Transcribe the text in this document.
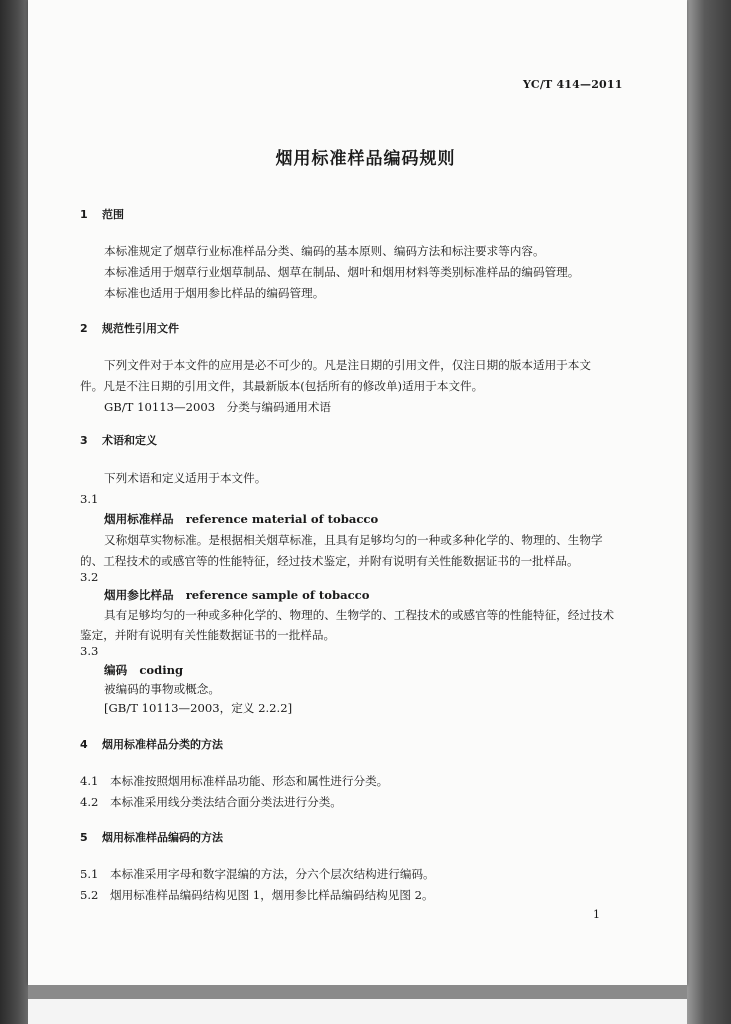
YC/T 414—2011
烟用标准样品编码规则
1 范围
本标准规定了烟草行业标准样品分类、编码的基本原则、编码方法和标注要求等内容。
本标准适用于烟草行业烟草制品、烟草在制品、烟叶和烟用材料等类别标准样品的编码管理。
本标准也适用于烟用参比样品的编码管理。
2 规范性引用文件
下列文件对于本文件的应用是必不可少的。凡是注日期的引用文件，仅注日期的版本适用于本文
件。凡是不注日期的引用文件，其最新版本(包括所有的修改单)适用于本文件。
GB/T 10113—2003　分类与编码通用术语
3 术语和定义
下列术语和定义适用于本文件。
3.1
烟用标准样品 reference material of tobacco
又称烟草实物标准。是根据相关烟草标准，且具有足够均匀的一种或多种化学的、物理的、生物学
的、工程技术的或感官等的性能特征，经过技术鉴定，并附有说明有关性能数据证书的一批样品。
3.2
烟用参比样品 reference sample of tobacco
具有足够均匀的一种或多种化学的、物理的、生物学的、工程技术的或感官等的性能特征，经过技术
鉴定，并附有说明有关性能数据证书的一批样品。
3.3
编码 coding
被编码的事物或概念。
[GB/T 10113—2003，定义 2.2.2]
4 烟用标准样品分类的方法
4.1 本标准按照烟用标准样品功能、形态和属性进行分类。
4.2 本标准采用线分类法结合面分类法进行分类。
5 烟用标准样品编码的方法
5.1 本标准采用字母和数字混编的方法，分六个层次结构进行编码。
5.2 烟用标准样品编码结构见图 1，烟用参比样品编码结构见图 2。
1
